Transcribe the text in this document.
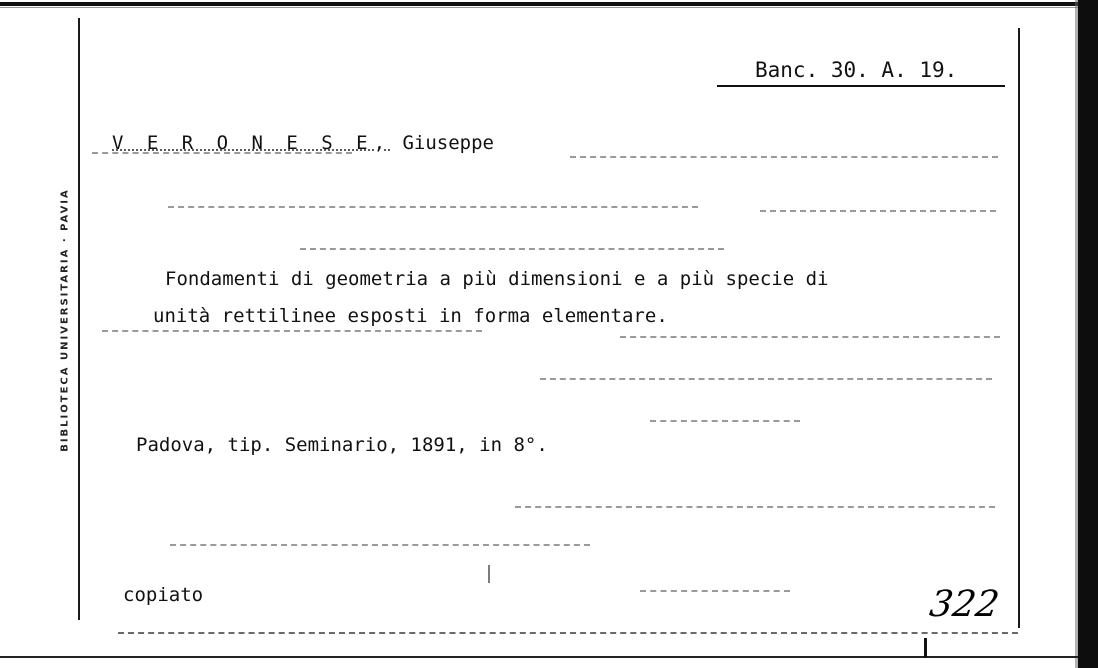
BIBLIOTECA UNIVERSITARIA · PAVIA
Banc. 30. A. 19.
V E R O N E S E, Giuseppe
Fondamenti di geometria a più dimensioni e a più specie di
unità rettilinee esposti in forma elementare.
Padova, tip. Seminario, 1891, in 8°.
copiato	322
